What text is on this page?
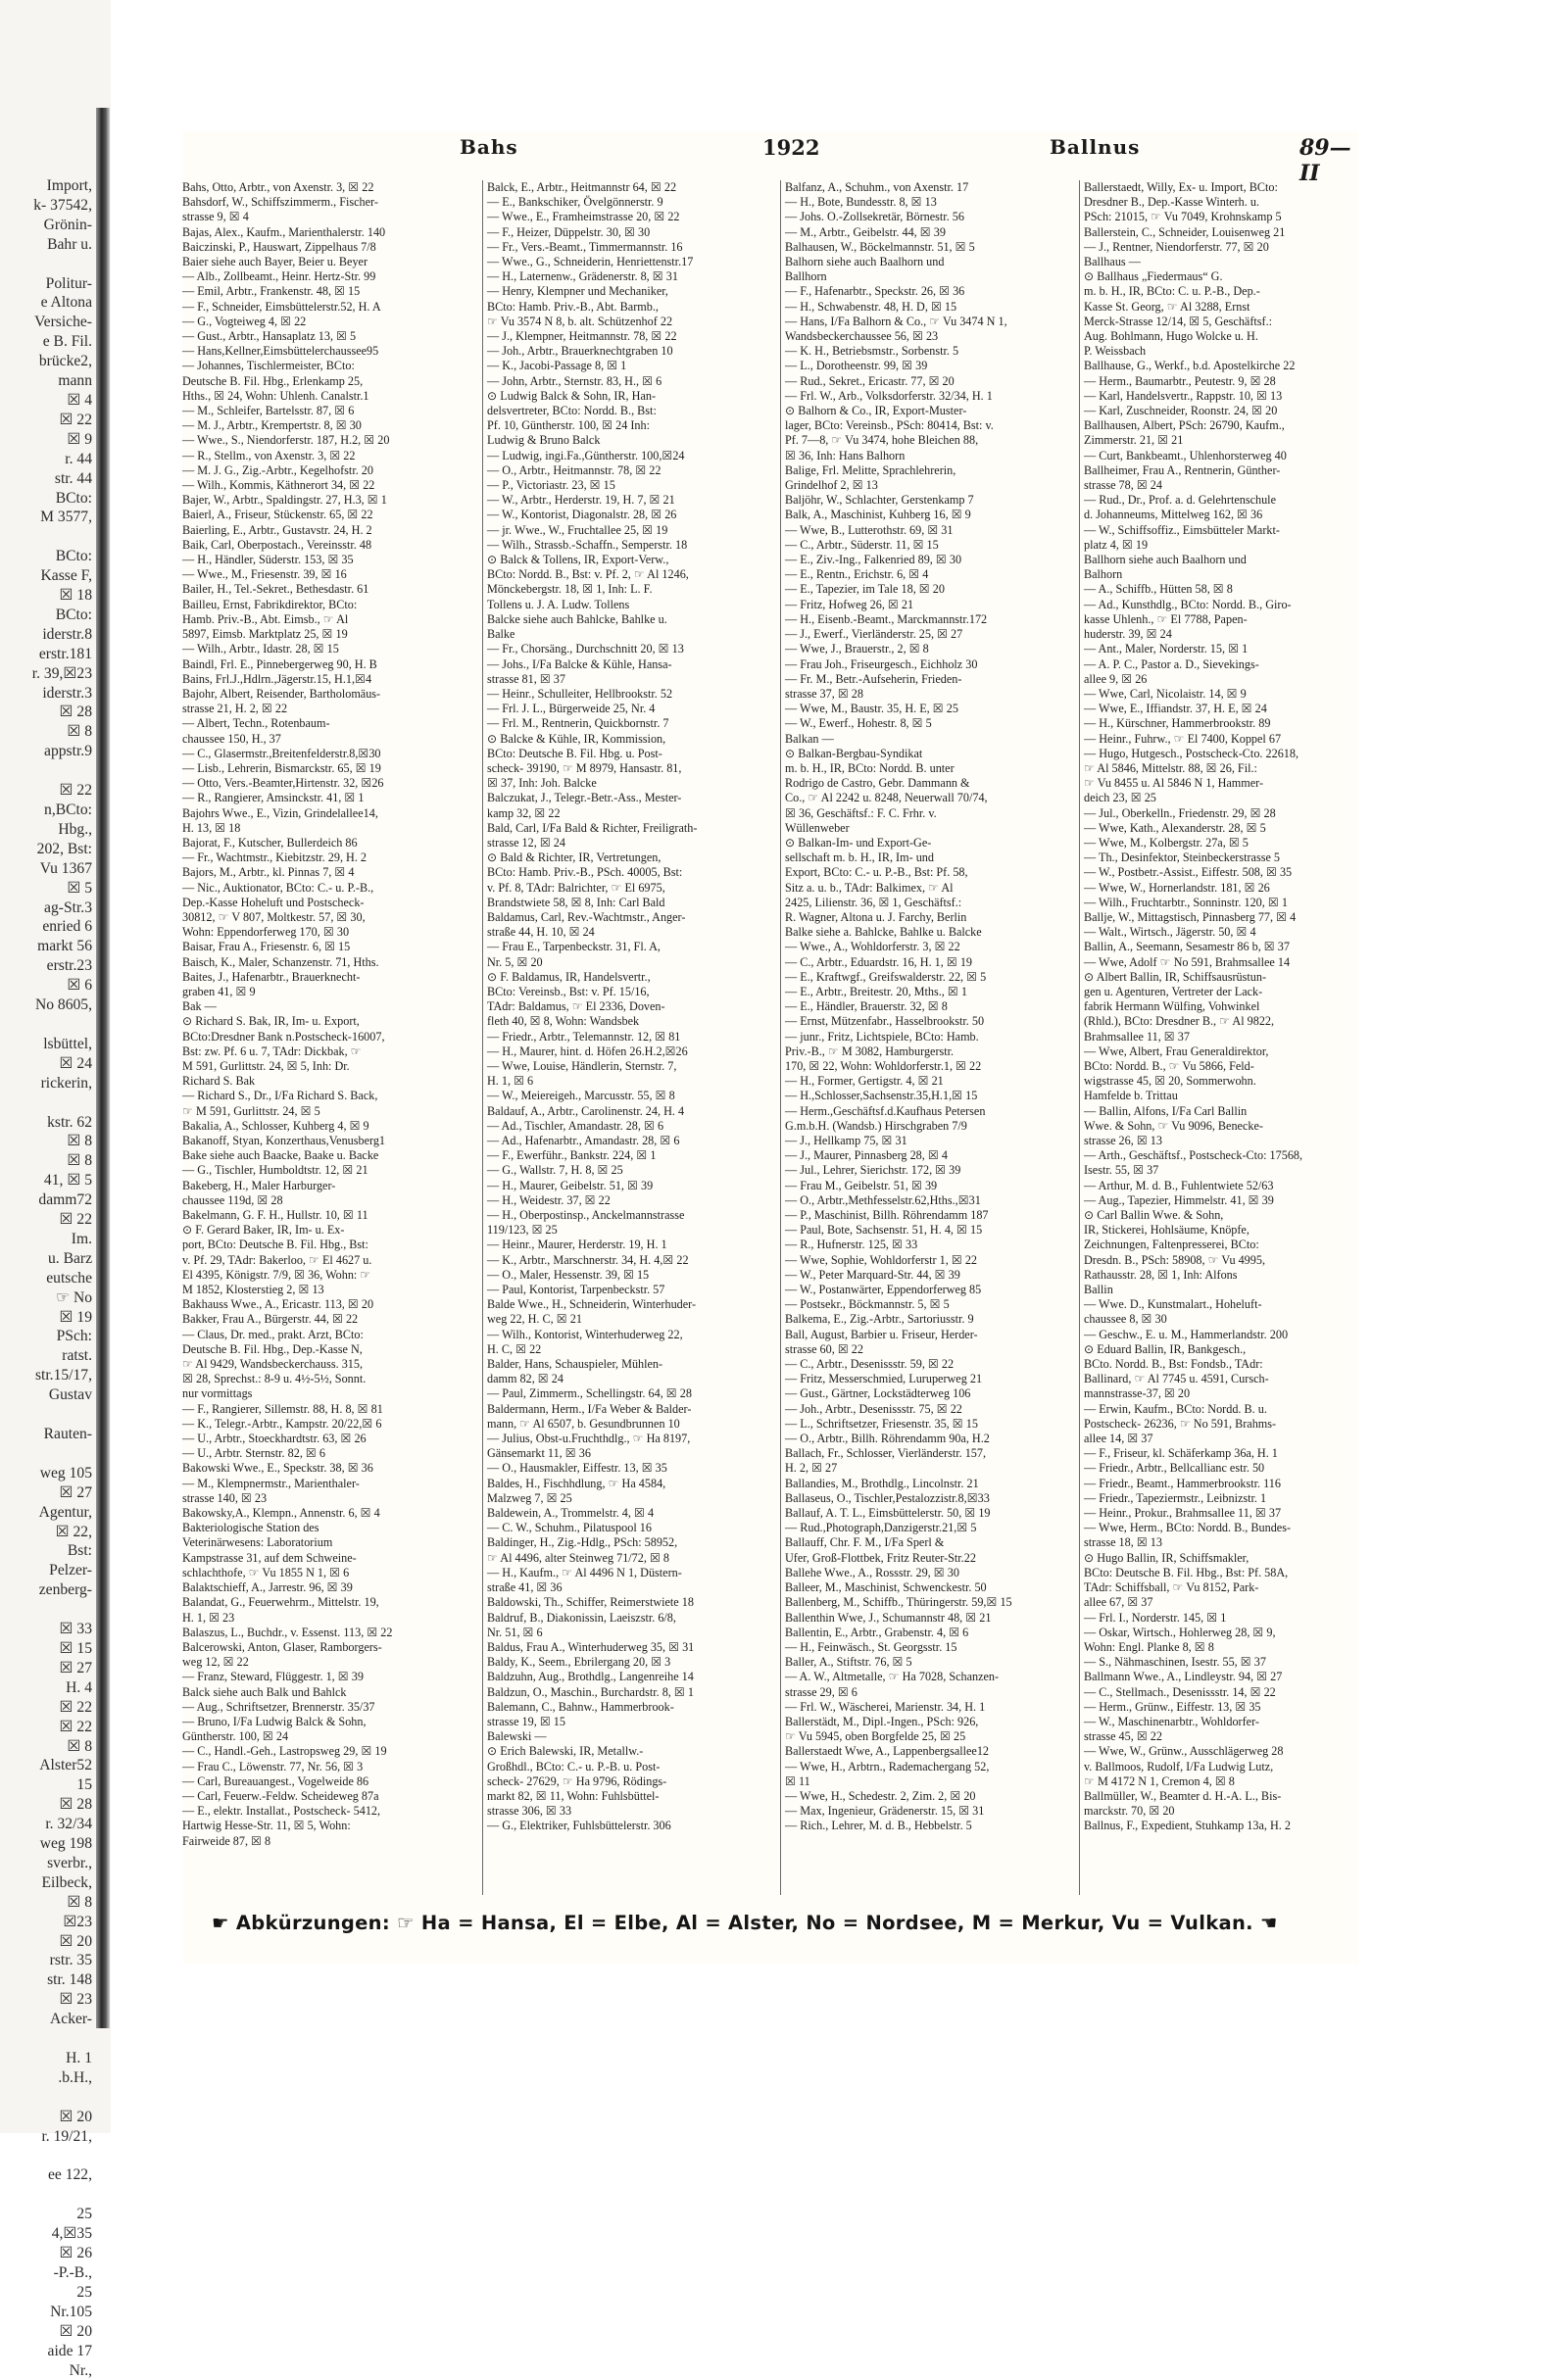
Import,
k- 37542,
Grönin-
Bahr u.

Politur-
e Altona
Versiche-
e B. Fil.
brücke2,
mann
☒ 4
☒ 22
☒ 9
r. 44
str. 44
BCto:
M 3577,

BCto:
Kasse F,
☒ 18
BCto:
iderstr.8
erstr.181
r. 39,☒23
iderstr.3
☒ 28
☒ 8
appstr.9

☒ 22
n,BCto:
Hbg.,
202, Bst:
Vu 1367
☒ 5
ag-Str.3
enried 6
markt 56
erstr.23
☒ 6
No 8605,

lsbüttel,
☒ 24
rickerin,

kstr. 62
☒ 8
☒ 8
41, ☒ 5
damm72
☒ 22
Im.
u. Barz
eutsche
☞ No
☒ 19
PSch:
ratst.
str.15/17,
Gustav

Rauten-

weg 105
☒ 27
Agentur,
☒ 22,
Bst:
Pelzer-
zenberg-

☒ 33
☒ 15
☒ 27
H. 4
☒ 22
☒ 22
☒ 8
Alster52
15
☒ 28
r. 32/34
weg 198
sverbr.,
Eilbeck,
☒ 8
☒23
☒ 20
rstr. 35
str. 148
☒ 23
Acker-

H. 1
.b.H.,

☒ 20
r. 19/21,

ee 122,

25
4,☒35
☒ 26
-P.-B.,
25
Nr.105
☒ 20
aide 17
Nr.,
Bahs	1922	Ballnus	89—II
Bahs, Otto, Arbtr., von Axenstr. 3, ☒ 22
Bahsdorf, W., Schiffszimmerm., Fischer-
strasse 9, ☒ 4
Bajas, Alex., Kaufm., Marienthalerstr. 140
Baiczinski, P., Hauswart, Zippelhaus 7/8
Baier siehe auch Bayer, Beier u. Beyer
— Alb., Zollbeamt., Heinr. Hertz-Str. 99
— Emil, Arbtr., Frankenstr. 48, ☒ 15
— F., Schneider, Eimsbüttelerstr.52, H. A
— G., Vogteiweg 4, ☒ 22
— Gust., Arbtr., Hansaplatz 13, ☒ 5
— Hans,Kellner,Eimsbüttelerchaussee95
— Johannes, Tischlermeister, BCto:
Deutsche B. Fil. Hbg., Erlenkamp 25,
Hths., ☒ 24, Wohn: Uhlenh. Canalstr.1
— M., Schleifer, Bartelsstr. 87, ☒ 6
— M. J., Arbtr., Krempertstr. 8, ☒ 30
— Wwe., S., Niendorferstr. 187, H.2, ☒ 20
— R., Stellm., von Axenstr. 3, ☒ 22
— M. J. G., Zig.-Arbtr., Kegelhofstr. 20
— Wilh., Kommis, Käthnerort 34, ☒ 22
Bajer, W., Arbtr., Spaldingstr. 27, H.3, ☒ 1
Baierl, A., Friseur, Stückenstr. 65, ☒ 22
Baierling, E., Arbtr., Gustavstr. 24, H. 2
Baik, Carl, Oberpostach., Vereinsstr. 48
— H., Händler, Süderstr. 153, ☒ 35
— Wwe., M., Friesenstr. 39, ☒ 16
Bailer, H., Tel.-Sekret., Bethesdastr. 61
Bailleu, Ernst, Fabrikdirektor, BCto:
Hamb. Priv.-B., Abt. Eimsb., ☞ Al
5897, Eimsb. Marktplatz 25, ☒ 19
— Wilh., Arbtr., Idastr. 28, ☒ 15
Baindl, Frl. E., Pinnebergerweg 90, H. B
Bains, Frl.J.,Hdlrn.,Jägerstr.15, H.1,☒4
Bajohr, Albert, Reisender, Bartholomäus-
strasse 21, H. 2, ☒ 22
— Albert, Techn., Rotenbaum-
chaussee 150, H., 37
— C., Glasermstr.,Breitenfelderstr.8,☒30
— Lisb., Lehrerin, Bismarckstr. 65, ☒ 19
— Otto, Vers.-Beamter,Hirtenstr. 32, ☒26
— R., Rangierer, Amsinckstr. 41, ☒ 1
Bajohrs Wwe., E., Vizin, Grindelallee14,
H. 13, ☒ 18
Bajorat, F., Kutscher, Bullerdeich 86
— Fr., Wachtmstr., Kiebitzstr. 29, H. 2
Bajors, M., Arbtr., kl. Pinnas 7, ☒ 4
— Nic., Auktionator, BCto: C.- u. P.-B.,
Dep.-Kasse Hoheluft und Postscheck-
30812, ☞ V 807, Moltkestr. 57, ☒ 30,
Wohn: Eppendorferweg 170, ☒ 30
Baisar, Frau A., Friesenstr. 6, ☒ 15
Baisch, K., Maler, Schanzenstr. 71, Hths.
Baites, J., Hafenarbtr., Brauerknecht-
graben 41, ☒ 9
Bak —
⊙ Richard S. Bak, IR, Im- u. Export,
BCto:Dresdner Bank n.Postscheck-16007,
Bst: zw. Pf. 6 u. 7, TAdr: Dickbak, ☞
M 591, Gurlittstr. 24, ☒ 5, Inh: Dr.
Richard S. Bak
— Richard S., Dr., I/Fa Richard S. Back,
☞ M 591, Gurlittstr. 24, ☒ 5
Bakalia, A., Schlosser, Kuhberg 4, ☒ 9
Bakanoff, Styan, Konzerthaus,Venusberg1
Bake siehe auch Baacke, Baake u. Backe
— G., Tischler, Humboldtstr. 12, ☒ 21
Bakeberg, H., Maler Harburger-
chaussee 119d, ☒ 28
Bakelmann, G. F. H., Hullstr. 10, ☒ 11
⊙ F. Gerard Baker, IR, Im- u. Ex-
port, BCto: Deutsche B. Fil. Hbg., Bst:
v. Pf. 29, TAdr: Bakerloo, ☞ El 4627 u.
El 4395, Königstr. 7/9, ☒ 36, Wohn: ☞
M 1852, Klosterstieg 2, ☒ 13
Bakhauss Wwe., A., Ericastr. 113, ☒ 20
Bakker, Frau A., Bürgerstr. 44, ☒ 22
— Claus, Dr. med., prakt. Arzt, BCto:
Deutsche B. Fil. Hbg., Dep.-Kasse N,
☞ Al 9429, Wandsbeckerchauss. 315,
☒ 28, Sprechst.: 8-9 u. 4½-5½, Sonnt.
nur vormittags
— F., Rangierer, Sillemstr. 88, H. 8, ☒ 81
— K., Telegr.-Arbtr., Kampstr. 20/22,☒ 6
— U., Arbtr., Stoeckhardtstr. 63, ☒ 26
— U., Arbtr. Sternstr. 82, ☒ 6
Bakowski Wwe., E., Speckstr. 38, ☒ 36
— M., Klempnermstr., Marienthaler-
strasse 140, ☒ 23
Bakowsky,A., Klempn., Annenstr. 6, ☒ 4
Bakteriologische Station des
Veterinärwesens: Laboratorium
Kampstrasse 31, auf dem Schweine-
schlachthofe, ☞ Vu 1855 N 1, ☒ 6
Balaktschieff, A., Jarrestr. 96, ☒ 39
Balandat, G., Feuerwehrm., Mittelstr. 19,
H. 1, ☒ 23
Balaszus, L., Buchdr., v. Essenst. 113, ☒ 22
Balcerowski, Anton, Glaser, Ramborgers-
weg 12, ☒ 22
— Franz, Steward, Flüggestr. 1, ☒ 39
Balck siehe auch Balk und Bahlck
— Aug., Schriftsetzer, Brennerstr. 35/37
— Bruno, I/Fa Ludwig Balck & Sohn,
Güntherstr. 100, ☒ 24
— C., Handl.-Geh., Lastropsweg 29, ☒ 19
— Frau C., Löwenstr. 77, Nr. 56, ☒ 3
— Carl, Bureauangest., Vogelweide 86
— Carl, Feuerw.-Feldw. Scheideweg 87a
— E., elektr. Installat., Postscheck- 5412,
Hartwig Hesse-Str. 11, ☒ 5, Wohn:
Fairweide 87, ☒ 8
Balck, E., Arbtr., Heitmannstr 64, ☒ 22
— E., Bankschiker, Övelgönnerstr. 9
— Wwe., E., Framheimstrasse 20, ☒ 22
— F., Heizer, Düppelstr. 30, ☒ 30
— Fr., Vers.-Beamt., Timmermannstr. 16
— Wwe., G., Schneiderin, Henriettenstr.17
— H., Laternenw., Grädenerstr. 8, ☒ 31
— Henry, Klempner und Mechaniker,
BCto: Hamb. Priv.-B., Abt. Barmb.,
☞ Vu 3574 N 8, b. alt. Schützenhof 22
— J., Klempner, Heitmannstr. 78, ☒ 22
— Joh., Arbtr., Brauerknechtgraben 10
— K., Jacobi-Passage 8, ☒ 1
— John, Arbtr., Sternstr. 83, H., ☒ 6
⊙ Ludwig Balck & Sohn, IR, Han-
delsvertreter, BCto: Nordd. B., Bst:
Pf. 10, Güntherstr. 100, ☒ 24 Inh:
Ludwig & Bruno Balck
— Ludwig, ingi.Fa.,Güntherstr. 100,☒24
— O., Arbtr., Heitmannstr. 78, ☒ 22
— P., Victoriastr. 23, ☒ 15
— W., Arbtr., Herderstr. 19, H. 7, ☒ 21
— W., Kontorist, Diagonalstr. 28, ☒ 26
— jr. Wwe., W., Fruchtallee 25, ☒ 19
— Wilh., Strassb.-Schaffn., Semperstr. 18
⊙ Balck & Tollens, IR, Export-Verw.,
BCto: Nordd. B., Bst: v. Pf. 2, ☞ Al 1246,
Mönckebergstr. 18, ☒ 1, Inh: L. F.
Tollens u. J. A. Ludw. Tollens
Balcke siehe auch Bahlcke, Bahlke u.
Balke
— Fr., Chorsäng., Durchschnitt 20, ☒ 13
— Johs., I/Fa Balcke & Kühle, Hansa-
strasse 81, ☒ 37
— Heinr., Schulleiter, Hellbrookstr. 52
— Frl. J. L., Bürgerweide 25, Nr. 4
— Frl. M., Rentnerin, Quickbornstr. 7
⊙ Balcke & Kühle, IR, Kommission,
BCto: Deutsche B. Fil. Hbg. u. Post-
scheck- 39190, ☞ M 8979, Hansastr. 81,
☒ 37, Inh: Joh. Balcke
Balczukat, J., Telegr.-Betr.-Ass., Mester-
kamp 32, ☒ 22
Bald, Carl, I/Fa Bald & Richter, Freiligrath-
strasse 12, ☒ 24
⊙ Bald & Richter, IR, Vertretungen,
BCto: Hamb. Priv.-B., PSch. 40005, Bst:
v. Pf. 8, TAdr: Balrichter, ☞ El 6975,
Brandstwiete 58, ☒ 8, Inh: Carl Bald
Baldamus, Carl, Rev.-Wachtmstr., Anger-
straße 44, H. 10, ☒ 24
— Frau E., Tarpenbeckstr. 31, Fl. A,
Nr. 5, ☒ 20
⊙ F. Baldamus, IR, Handelsvertr.,
BCto: Vereinsb., Bst: v. Pf. 15/16,
TAdr: Baldamus, ☞ El 2336, Doven-
fleth 40, ☒ 8, Wohn: Wandsbek
— Friedr., Arbtr., Telemannstr. 12, ☒ 81
— H., Maurer, hint. d. Höfen 26.H.2,☒26
— Wwe, Louise, Händlerin, Sternstr. 7,
H. 1, ☒ 6
— W., Meiereigeh., Marcusstr. 55, ☒ 8
Baldauf, A., Arbtr., Carolinenstr. 24, H. 4
— Ad., Tischler, Amandastr. 28, ☒ 6
— Ad., Hafenarbtr., Amandastr. 28, ☒ 6
— F., Ewerführ., Bankstr. 224, ☒ 1
— G., Wallstr. 7, H. 8, ☒ 25
— H., Maurer, Geibelstr. 51, ☒ 39
— H., Weidestr. 37, ☒ 22
— H., Oberpostinsp., Anckelmannstrasse
119/123, ☒ 25
— Heinr., Maurer, Herderstr. 19, H. 1
— K., Arbtr., Marschnerstr. 34, H. 4,☒ 22
— O., Maler, Hessenstr. 39, ☒ 15
— Paul, Kontorist, Tarpenbeckstr. 57
Balde Wwe., H., Schneiderin, Winterhuder-
weg 22, H. C, ☒ 21
— Wilh., Kontorist, Winterhuderweg 22,
H. C, ☒ 22
Balder, Hans, Schauspieler, Mühlen-
damm 82, ☒ 24
— Paul, Zimmerm., Schellingstr. 64, ☒ 28
Baldermann, Herm., I/Fa Weber & Balder-
mann, ☞ Al 6507, b. Gesundbrunnen 10
— Julius, Obst-u.Fruchthdlg., ☞ Ha 8197,
Gänsemarkt 11, ☒ 36
— O., Hausmakler, Eiffestr. 13, ☒ 35
Baldes, H., Fischhdlung, ☞ Ha 4584,
Malzweg 7, ☒ 25
Baldewein, A., Trommelstr. 4, ☒ 4
— C. W., Schuhm., Pilatuspool 16
Baldinger, H., Zig.-Hdlg., PSch: 58952,
☞ Al 4496, alter Steinweg 71/72, ☒ 8
— H., Kaufm., ☞ Al 4496 N 1, Düstern-
straße 41, ☒ 36
Baldowski, Th., Schiffer, Reimerstwiete 18
Baldruf, B., Diakonissin, Laeiszstr. 6/8,
Nr. 51, ☒ 6
Baldus, Frau A., Winterhuderweg 35, ☒ 31
Baldy, K., Seem., Ebrilergang 20, ☒ 3
Baldzuhn, Aug., Brothdlg., Langenreihe 14
Baldzun, O., Maschin., Burchardstr. 8, ☒ 1
Balemann, C., Bahnw., Hammerbrook-
strasse 19, ☒ 15
Balewski —
⊙ Erich Balewski, IR, Metallw.-
Großhdl., BCto: C.- u. P.-B. u. Post-
scheck- 27629, ☞ Ha 9796, Rödings-
markt 82, ☒ 11, Wohn: Fuhlsbüttel-
strasse 306, ☒ 33
— G., Elektriker, Fuhlsbüttelerstr. 306
Balfanz, A., Schuhm., von Axenstr. 17
— H., Bote, Bundesstr. 8, ☒ 13
— Johs. O.-Zollsekretär, Börnestr. 56
— M., Arbtr., Geibelstr. 44, ☒ 39
Balhausen, W., Böckelmannstr. 51, ☒ 5
Balhorn siehe auch Baalhorn und
Ballhorn
— F., Hafenarbtr., Speckstr. 26, ☒ 36
— H., Schwabenstr. 48, H. D, ☒ 15
— Hans, I/Fa Balhorn & Co., ☞ Vu 3474 N 1,
Wandsbeckerchaussee 56, ☒ 23
— K. H., Betriebsmstr., Sorbenstr. 5
— L., Dorotheenstr. 99, ☒ 39
— Rud., Sekret., Ericastr. 77, ☒ 20
— Frl. W., Arb., Volksdorferstr. 32/34, H. 1
⊙ Balhorn & Co., IR, Export-Muster-
lager, BCto: Vereinsb., PSch: 80414, Bst: v.
Pf. 7—8, ☞ Vu 3474, hohe Bleichen 88,
☒ 36, Inh: Hans Balhorn
Balige, Frl. Melitte, Sprachlehrerin,
Grindelhof 2, ☒ 13
Baljöhr, W., Schlachter, Gerstenkamp 7
Balk, A., Maschinist, Kuhberg 16, ☒ 9
— Wwe, B., Lutterothstr. 69, ☒ 31
— C., Arbtr., Süderstr. 11, ☒ 15
— E., Ziv.-Ing., Falkenried 89, ☒ 30
— E., Rentn., Erichstr. 6, ☒ 4
— E., Tapezier, im Tale 18, ☒ 20
— Fritz, Hofweg 26, ☒ 21
— H., Eisenb.-Beamt., Marckmannstr.172
— J., Ewerf., Vierländerstr. 25, ☒ 27
— Wwe, J., Brauerstr., 2, ☒ 8
— Frau Joh., Friseurgesch., Eichholz 30
— Fr. M., Betr.-Aufseherin, Frieden-
strasse 37, ☒ 28
— Wwe, M., Baustr. 35, H. E, ☒ 25
— W., Ewerf., Hohestr. 8, ☒ 5
Balkan —
⊙ Balkan-Bergbau-Syndikat
m. b. H., IR, BCto: Nordd. B. unter
Rodrigo de Castro, Gebr. Dammann &
Co., ☞ Al 2242 u. 8248, Neuerwall 70/74,
☒ 36, Geschäftsf.: F. C. Frhr. v.
Wüllenweber
⊙ Balkan-Im- und Export-Ge-
sellschaft m. b. H., IR, Im- und
Export, BCto: C.- u. P.-B., Bst: Pf. 58,
Sitz a. u. b., TAdr: Balkimex, ☞ Al
2425, Lilienstr. 36, ☒ 1, Geschäftsf.:
R. Wagner, Altona u. J. Farchy, Berlin
Balke siehe a. Bahlcke, Bahlke u. Balcke
— Wwe., A., Wohldorferstr. 3, ☒ 22
— C., Arbtr., Eduardstr. 16, H. 1, ☒ 19
— E., Kraftwgf., Greifswalderstr. 22, ☒ 5
— E., Arbtr., Breitestr. 20, Mths., ☒ 1
— E., Händler, Brauerstr. 32, ☒ 8
— Ernst, Mützenfabr., Hasselbrookstr. 50
— junr., Fritz, Lichtspiele, BCto: Hamb.
Priv.-B., ☞ M 3082, Hamburgerstr.
170, ☒ 22, Wohn: Wohldorferstr.1, ☒ 22
— H., Former, Gertigstr. 4, ☒ 21
— H.,Schlosser,Sachsenstr.35,H.1,☒ 15
— Herm.,Geschäftsf.d.Kaufhaus Petersen
G.m.b.H. (Wandsb.) Hirschgraben 7/9
— J., Hellkamp 75, ☒ 31
— J., Maurer, Pinnasberg 28, ☒ 4
— Jul., Lehrer, Sierichstr. 172, ☒ 39
— Frau M., Geibelstr. 51, ☒ 39
— O., Arbtr.,Methfesselstr.62,Hths.,☒31
— P., Maschinist, Billh. Röhrendamm 187
— Paul, Bote, Sachsenstr. 51, H. 4, ☒ 15
— R., Hufnerstr. 125, ☒ 33
— Wwe, Sophie, Wohldorferstr 1, ☒ 22
— W., Peter Marquard-Str. 44, ☒ 39
— W., Postanwärter, Eppendorferweg 85
— Postsekr., Böckmannstr. 5, ☒ 5
Balkema, E., Zig.-Arbtr., Sartoriusstr. 9
Ball, August, Barbier u. Friseur, Herder-
strasse 60, ☒ 22
— C., Arbtr., Desenissstr. 59, ☒ 22
— Fritz, Messerschmied, Luruperweg 21
— Gust., Gärtner, Lockstädterweg 106
— Joh., Arbtr., Desenissstr. 75, ☒ 22
— L., Schriftsetzer, Friesenstr. 35, ☒ 15
— O., Arbtr., Billh. Röhrendamm 90a, H.2
Ballach, Fr., Schlosser, Vierländerstr. 157,
H. 2, ☒ 27
Ballandies, M., Brothdlg., Lincolnstr. 21
Ballaseus, O., Tischler,Pestalozzistr.8,☒33
Ballauf, A. T. L., Eimsbüttelerstr. 50, ☒ 19
— Rud.,Photograph,Danzigerstr.21,☒ 5
Ballauff, Chr. F. M., I/Fa Sperl &
Ufer, Groß-Flottbek, Fritz Reuter-Str.22
Ballehe Wwe., A., Rossstr. 29, ☒ 30
Balleer, M., Maschinist, Schwenckestr. 50
Ballenberg, M., Schiffb., Thüringerstr. 59,☒ 15
Ballenthin Wwe, J., Schumannstr 48, ☒ 21
Ballentin, E., Arbtr., Grabenstr. 4, ☒ 6
— H., Feinwäsch., St. Georgsstr. 15
Baller, A., Stiftstr. 76, ☒ 5
— A. W., Altmetalle, ☞ Ha 7028, Schanzen-
strasse 29, ☒ 6
— Frl. W., Wäscherei, Marienstr. 34, H. 1
Ballerstädt, M., Dipl.-Ingen., PSch: 926,
☞ Vu 5945, oben Borgfelde 25, ☒ 25
Ballerstaedt Wwe, A., Lappenbergsallee12
— Wwe, H., Arbtrn., Rademachergang 52,
☒ 11
— Wwe, H., Schedestr. 2, Zim. 2, ☒ 20
— Max, Ingenieur, Grädenerstr. 15, ☒ 31
— Rich., Lehrer, M. d. B., Hebbelstr. 5
Ballerstaedt, Willy, Ex- u. Import, BCto:
Dresdner B., Dep.-Kasse Winterh. u.
PSch: 21015, ☞ Vu 7049, Krohnskamp 5
Ballerstein, C., Schneider, Louisenweg 21
— J., Rentner, Niendorferstr. 77, ☒ 20
Ballhaus —
⊙ Ballhaus „Fiedermaus“ G.
m. b. H., IR, BCto: C. u. P.-B., Dep.-
Kasse St. Georg, ☞ Al 3288, Ernst
Merck-Strasse 12/14, ☒ 5, Geschäftsf.:
Aug. Bohlmann, Hugo Wolcke u. H.
P. Weissbach
Ballhause, G., Werkf., b.d. Apostelkirche 22
— Herm., Baumarbtr., Peutestr. 9, ☒ 28
— Karl, Handelsvertr., Rappstr. 10, ☒ 13
— Karl, Zuschneider, Roonstr. 24, ☒ 20
Ballhausen, Albert, PSch: 26790, Kaufm.,
Zimmerstr. 21, ☒ 21
— Curt, Bankbeamt., Uhlenhorsterweg 40
Ballheimer, Frau A., Rentnerin, Günther-
strasse 78, ☒ 24
— Rud., Dr., Prof. a. d. Gelehrtenschule
d. Johanneums, Mittelweg 162, ☒ 36
— W., Schiffsoffiz., Eimsbütteler Markt-
platz 4, ☒ 19
Ballhorn siehe auch Baalhorn und
Balhorn
— A., Schiffb., Hütten 58, ☒ 8
— Ad., Kunsthdlg., BCto: Nordd. B., Giro-
kasse Uhlenh., ☞ El 7788, Papen-
huderstr. 39, ☒ 24
— Ant., Maler, Norderstr. 15, ☒ 1
— A. P. C., Pastor a. D., Sievekings-
allee 9, ☒ 26
— Wwe, Carl, Nicolaistr. 14, ☒ 9
— Wwe, E., Iffiandstr. 37, H. E, ☒ 24
— H., Kürschner, Hammerbrookstr. 89
— Heinr., Fuhrw., ☞ El 7400, Koppel 67
— Hugo, Hutgesch., Postscheck-Cto. 22618,
☞ Al 5846, Mittelstr. 88, ☒ 26, Fil.:
☞ Vu 8455 u. Al 5846 N 1, Hammer-
deich 23, ☒ 25
— Jul., Oberkelln., Friedenstr. 29, ☒ 28
— Wwe, Kath., Alexanderstr. 28, ☒ 5
— Wwe, M., Kolbergstr. 27a, ☒ 5
— Th., Desinfektor, Steinbeckerstrasse 5
— W., Postbetr.-Assist., Eiffestr. 508, ☒ 35
— Wwe, W., Hornerlandstr. 181, ☒ 26
— Wilh., Fruchtarbtr., Sonninstr. 120, ☒ 1
Ballje, W., Mittagstisch, Pinnasberg 77, ☒ 4
— Walt., Wirtsch., Jägerstr. 50, ☒ 4
Ballin, A., Seemann, Sesamestr 86 b, ☒ 37
— Wwe, Adolf ☞ No 591, Brahmsallee 14
⊙ Albert Ballin, IR, Schiffsausrüstun-
gen u. Agenturen, Vertreter der Lack-
fabrik Hermann Wülfing, Vohwinkel
(Rhld.), BCto: Dresdner B., ☞ Al 9822,
Brahmsallee 11, ☒ 37
— Wwe, Albert, Frau Generaldirektor,
BCto: Nordd. B., ☞ Vu 5866, Feld-
wigstrasse 45, ☒ 20, Sommerwohn.
Hamfelde b. Trittau
— Ballin, Alfons, I/Fa Carl Ballin
Wwe. & Sohn, ☞ Vu 9096, Benecke-
strasse 26, ☒ 13
— Arth., Geschäftsf., Postscheck-Cto: 17568,
Isestr. 55, ☒ 37
— Arthur, M. d. B., Fuhlentwiete 52/63
— Aug., Tapezier, Himmelstr. 41, ☒ 39
⊙ Carl Ballin Wwe. & Sohn,
IR, Stickerei, Hohlsäume, Knöpfe,
Zeichnungen, Faltenpresserei, BCto:
Dresdn. B., PSch: 58908, ☞ Vu 4995,
Rathausstr. 28, ☒ 1, Inh: Alfons
Ballin
— Wwe. D., Kunstmalart., Hoheluft-
chaussee 8, ☒ 30
— Geschw., E. u. M., Hammerlandstr. 200
⊙ Eduard Ballin, IR, Bankgesch.,
BCto. Nordd. B., Bst: Fondsb., TAdr:
Ballinard, ☞ Al 7745 u. 4591, Cursch-
mannstrasse-37, ☒ 20
— Erwin, Kaufm., BCto: Nordd. B. u.
Postscheck- 26236, ☞ No 591, Brahms-
allee 14, ☒ 37
— F., Friseur, kl. Schäferkamp 36a, H. 1
— Friedr., Arbtr., Bellcallianc estr. 50
— Friedr., Beamt., Hammerbrookstr. 116
— Friedr., Tapeziermstr., Leibnizstr. 1
— Heinr., Prokur., Brahmsallee 11, ☒ 37
— Wwe, Herm., BCto: Nordd. B., Bundes-
strasse 18, ☒ 13
⊙ Hugo Ballin, IR, Schiffsmakler,
BCto: Deutsche B. Fil. Hbg., Bst: Pf. 58A,
TAdr: Schiffsball, ☞ Vu 8152, Park-
allee 67, ☒ 37
— Frl. I., Norderstr. 145, ☒ 1
— Oskar, Wirtsch., Hohlerweg 28, ☒ 9,
Wohn: Engl. Planke 8, ☒ 8
— S., Nähmaschinen, Isestr. 55, ☒ 37
Ballmann Wwe., A., Lindleystr. 94, ☒ 27
— C., Stellmach., Desenissstr. 14, ☒ 22
— Herm., Grünw., Eiffestr. 13, ☒ 35
— W., Maschinenarbtr., Wohldorfer-
strasse 45, ☒ 22
— Wwe, W., Grünw., Ausschlägerweg 28
v. Ballmoos, Rudolf, I/Fa Ludwig Lutz,
☞ M 4172 N 1, Cremon 4, ☒ 8
Ballmüller, W., Beamter d. H.-A. L., Bis-
marckstr. 70, ☒ 20
Ballnus, F., Expedient, Stuhkamp 13a, H. 2
☛ Abkürzungen: ☞ Ha = Hansa, El = Elbe, Al = Alster, No = Nordsee, M = Merkur, Vu = Vulkan. ☚
